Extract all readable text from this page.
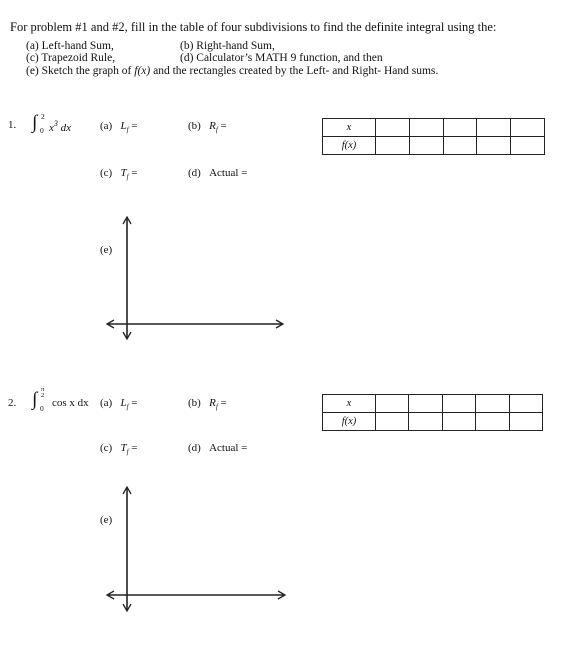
For problem #1 and #2, fill in the table of four subdivisions to find the definite integral using the:
(a) Left-hand Sum,	(b) Right-hand Sum,
(c) Trapezoid Rule,	(d) Calculator’s MATH 9 function, and then
(e) Sketch the graph of f(x) and the rectangles created by the Left- and Right- Hand sums.
1. ∫ 2
0 $x^3$ dx	(a) $L_f$ =	(b) $R_f$ =	x					
f(x)					
(c) $T_f$ =	(d) Actual =
(e)
2. ∫ π
2
0 cos x dx (a) $L_f$ =	(b) $R_f$ =	x					
f(x)					
(c) $T_f$ =	(d) Actual =
(e)
